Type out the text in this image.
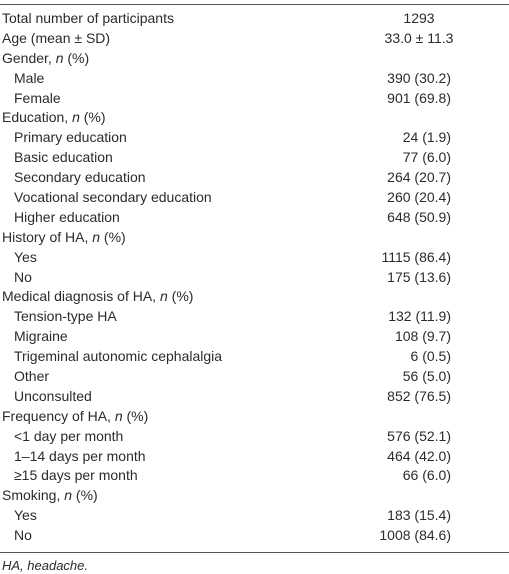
Total number of participants	1293
Age (mean ± SD)	33.0 ± 11.3
Gender, n (%)
Male	390 (30.2)
Female	901 (69.8)
Education, n (%)
Primary education	24 (1.9)
Basic education	77 (6.0)
Secondary education	264 (20.7)
Vocational secondary education	260 (20.4)
Higher education	648 (50.9)
History of HA, n (%)
Yes	1115 (86.4)
No	175 (13.6)
Medical diagnosis of HA, n (%)
Tension-type HA	132 (11.9)
Migraine	108 (9.7)
Trigeminal autonomic cephalalgia	6 (0.5)
Other	56 (5.0)
Unconsulted	852 (76.5)
Frequency of HA, n (%)
<1 day per month	576 (52.1)
1–14 days per month	464 (42.0)
≥15 days per month	66 (6.0)
Smoking, n (%)
Yes	183 (15.4)
No	1008 (84.6)
HA, headache.
